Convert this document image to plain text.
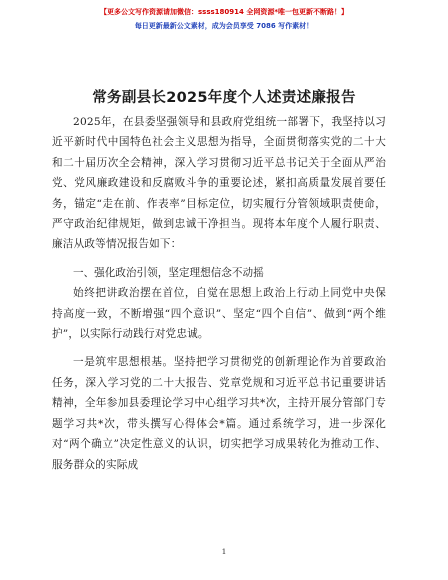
【更多公文写作资源请加微信：ssss180914 全网资源*唯一包更新不断路！】
每日更新最新公文素材，成为会员享受 7086 写作素材！
常务副县长2025年度个人述责述廉报告

2025年，在县委坚强领导和县政府党组统一部署下，我坚持以习近平新时代中国特色社会主义思想为指导，全面贯彻落实党的二十大和二十届历次全会精神，深入学习贯彻习近平总书记关于全面从严治党、党风廉政建设和反腐败斗争的重要论述，紧扣高质量发展首要任务，锚定“走在前、作表率”目标定位，切实履行分管领域职责使命，严守政治纪律规矩，做到忠诚干净担当。现将本年度个人履行职责、廉洁从政等情况报告如下：

一、强化政治引领，坚定理想信念不动摇

始终把讲政治摆在首位，自觉在思想上政治上行动上同党中央保持高度一致，不断增强“四个意识”、坚定“四个自信”、做到“两个维护”，以实际行动践行对党忠诚。

一是筑牢思想根基。坚持把学习贯彻党的创新理论作为首要政治任务，深入学习党的二十大报告、党章党规和习近平总书记重要讲话精神，全年参加县委理论学习中心组学习共*次，主持开展分管部门专题学习共*次，带头撰写心得体会*篇。通过系统学习，进一步深化对“两个确立”决定性意义的认识，切实把学习成果转化为推动工作、服务群众的实际成

1
